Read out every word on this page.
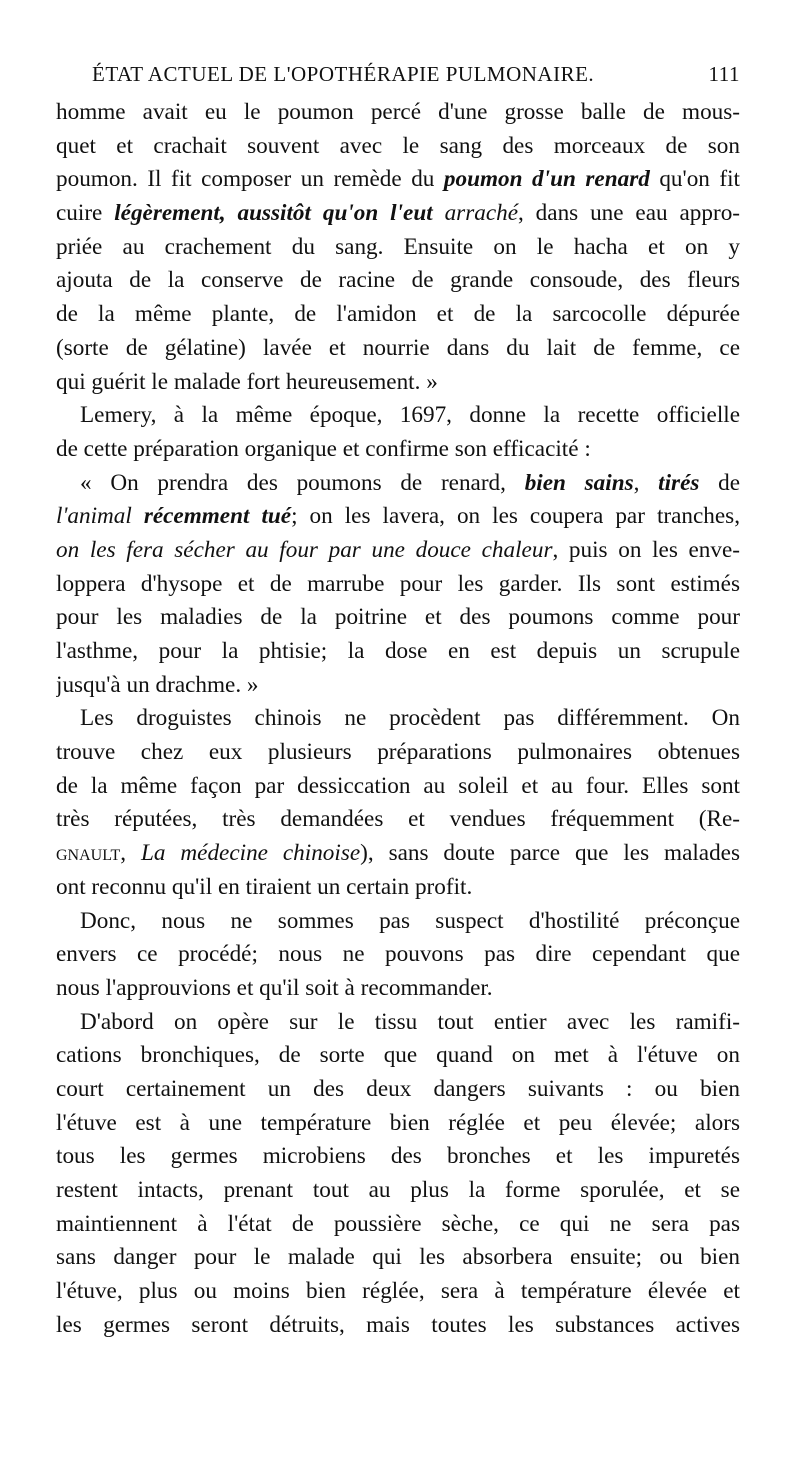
ÉTAT ACTUEL DE L'OPOTHÉRAPIE PULMONAIRE.	111
homme avait eu le poumon percé d'une grosse balle de mous-
quet et crachait souvent avec le sang des morceaux de son
poumon. Il fit composer un remède du poumon d'un renard qu'on fit
cuire légèrement, aussitôt qu'on l'eut arraché, dans une eau appro-
priée au crachement du sang. Ensuite on le hacha et on y
ajouta de la conserve de racine de grande consoude, des fleurs
de la même plante, de l'amidon et de la sarcocolle dépurée
(sorte de gélatine) lavée et nourrie dans du lait de femme, ce
qui guérit le malade fort heureusement. »
Lemery, à la même époque, 1697, donne la recette officielle
de cette préparation organique et confirme son efficacité :
« On prendra des poumons de renard, bien sains, tirés de
l'animal récemment tué; on les lavera, on les coupera par tranches,
on les fera sécher au four par une douce chaleur, puis on les enve-
loppera d'hysope et de marrube pour les garder. Ils sont estimés
pour les maladies de la poitrine et des poumons comme pour
l'asthme, pour la phtisie; la dose en est depuis un scrupule
jusqu'à un drachme. »
Les droguistes chinois ne procèdent pas différemment. On
trouve chez eux plusieurs préparations pulmonaires obtenues
de la même façon par dessiccation au soleil et au four. Elles sont
très réputées, très demandées et vendues fréquemment (Re-
gnault, La médecine chinoise), sans doute parce que les malades
ont reconnu qu'il en tiraient un certain profit.
Donc, nous ne sommes pas suspect d'hostilité préconçue
envers ce procédé; nous ne pouvons pas dire cependant que
nous l'approuvions et qu'il soit à recommander.
D'abord on opère sur le tissu tout entier avec les ramifi-
cations bronchiques, de sorte que quand on met à l'étuve on
court certainement un des deux dangers suivants : ou bien
l'étuve est à une température bien réglée et peu élevée; alors
tous les germes microbiens des bronches et les impuretés
restent intacts, prenant tout au plus la forme sporulée, et se
maintiennent à l'état de poussière sèche, ce qui ne sera pas
sans danger pour le malade qui les absorbera ensuite; ou bien
l'étuve, plus ou moins bien réglée, sera à température élevée et
les germes seront détruits, mais toutes les substances actives
